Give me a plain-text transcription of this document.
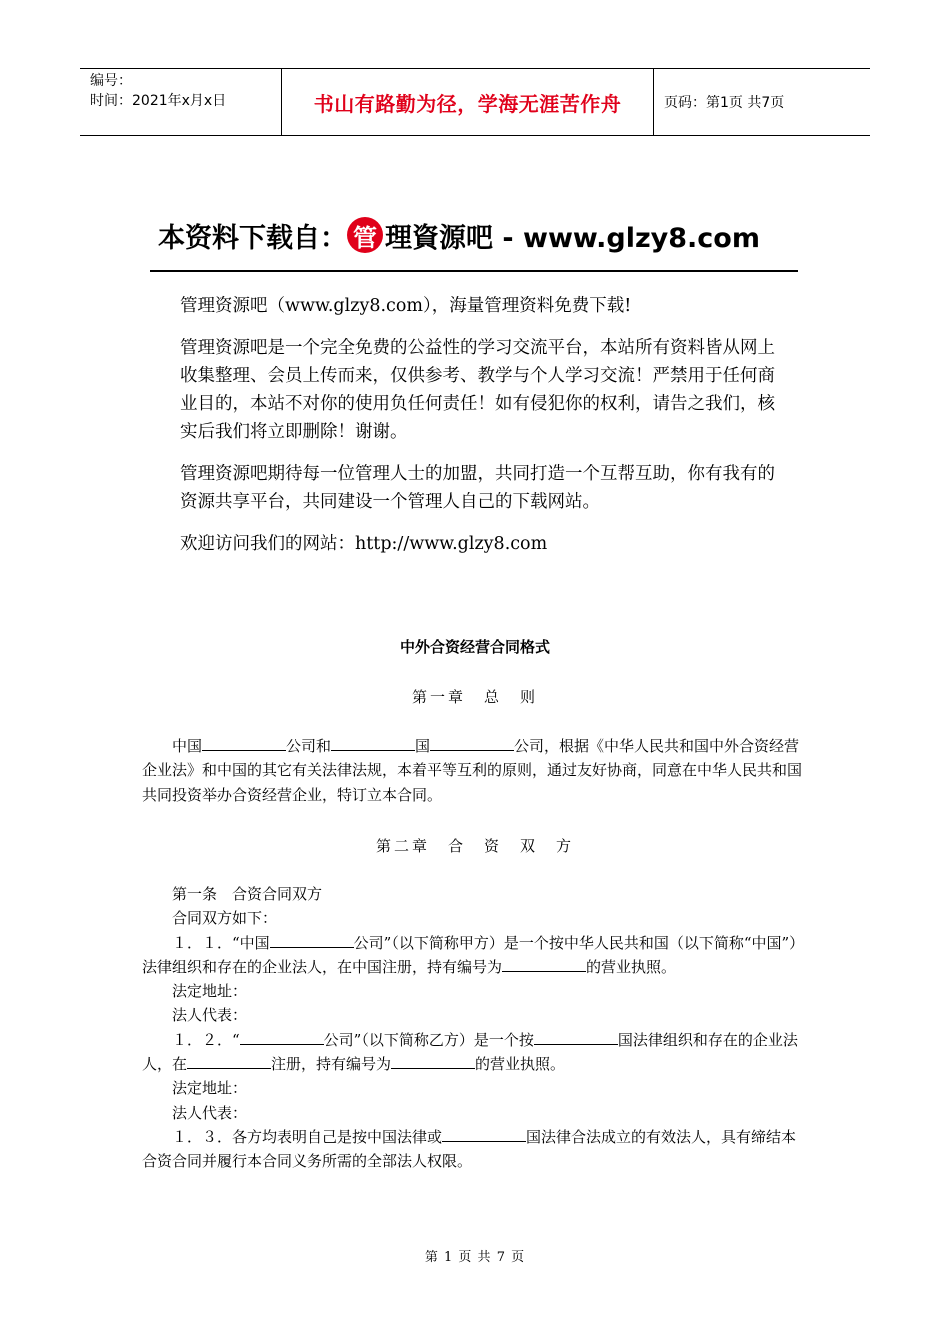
编号：
时间：2021年x月x日	书山有路勤为径，学海无涯苦作舟	页码：第1页 共7页
本资料下载自： 管 理資源吧 - www.glzy8.com

管理资源吧（www.glzy8.com），海量管理资料免费下载!

管理资源吧是一个完全免费的公益性的学习交流平台，本站所有资料皆从网上收集整理、会员上传而来，仅供参考、教学与个人学习交流！严禁用于任何商业目的，本站不对你的使用负任何责任！如有侵犯你的权利，请告之我们，核实后我们将立即删除！谢谢。

管理资源吧期待每一位管理人士的加盟，共同打造一个互帮互助，你有我有的资源共享平台，共同建设一个管理人自己的下载网站。

欢迎访问我们的网站：http://www.glzy8.com

中外合资经营合同格式
第一章　总　则

中国	公司和	国	公司，根据《中华人民共和国中外合资经营企业法》和中国的其它有关法律法规，本着平等互利的原则，通过友好协商，同意在中华人民共和国共同投资举办合资经营企业，特订立本合同。

第二章　合　资　双　方

第一条　合资合同双方

合同双方如下：

１．１．“中国	公司”（以下简称甲方）是一个按中华人民共和国（以下简称“中国”）法律组织和存在的企业法人，在中国注册，持有编号为	的营业执照。

法定地址：

法人代表：

１．２．“	公司”（以下简称乙方）是一个按	国法律组织和存在的企业法人，在	注册，持有编号为	的营业执照。

法定地址：

法人代表：

１．３．各方均表明自己是按中国法律或	国法律合法成立的有效法人，具有缔结本合资合同并履行本合同义务所需的全部法人权限。

第 1 页 共 7 页
